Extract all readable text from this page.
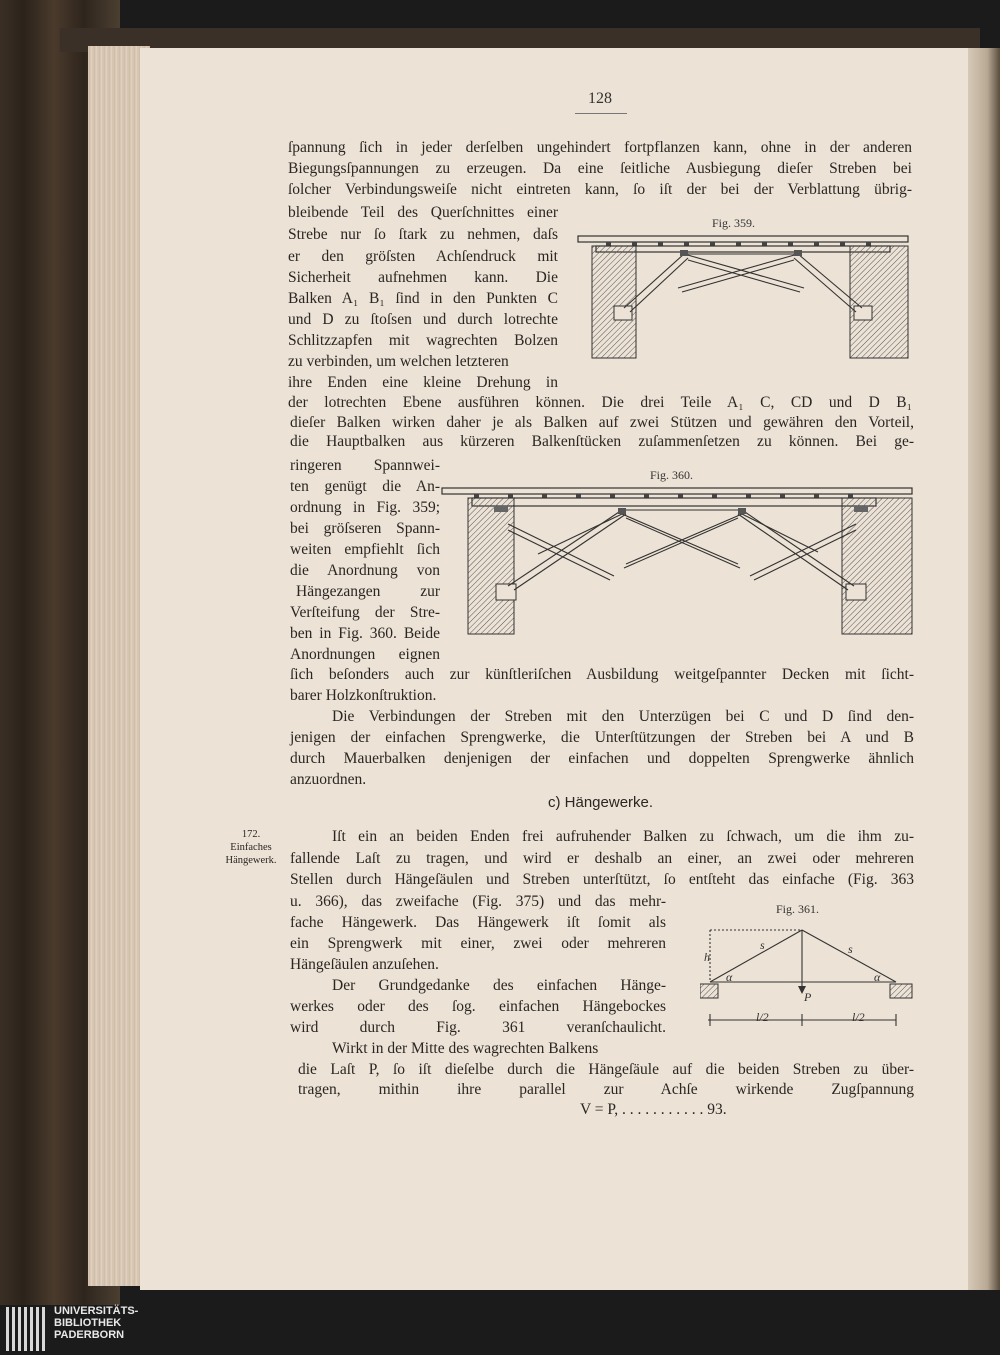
128
ſpannung ſich in jeder derſelben ungehindert fortpflanzen kann, ohne in der anderen
Biegungsſpannungen zu erzeugen. Da eine ſeitliche Ausbiegung dieſer Streben bei
ſolcher Verbindungsweiſe nicht eintreten kann, ſo iſt der bei der Verblattung übrig-
bleibende Teil des Querſchnittes einer
Strebe nur ſo ſtark zu nehmen, daſs
er den gröſsten Achſendruck mit
Sicherheit aufnehmen kann. Die
Balken A₁ B₁ ſind in den Punkten C
und D zu ſtoſsen und durch lotrechte
Schlitzzapfen mit wagrechten Bolzen
zu verbinden, um welchen letzteren
ihre Enden eine kleine Drehung in
der lotrechten Ebene ausführen können. Die drei Teile A₁ C, CD und D B₁
dieſer Balken wirken daher je als Balken auf zwei Stützen und gewähren den Vorteil,
die Hauptbalken aus kürzeren Balkenſtücken zuſammenſetzen zu können. Bei ge-
ringeren Spannwei-
ten genügt die An-
ordnung in Fig. 359;
bei gröſseren Spann-
weiten empfiehlt ſich
die Anordnung von
Hängezangen zur
Verſteifung der Stre-
ben in Fig. 360. Beide
Anordnungen eignen
ſich beſonders auch zur künſtleriſchen Ausbildung weitgeſpannter Decken mit ſicht-
barer Holzkonſtruktion.
Die Verbindungen der Streben mit den Unterzügen bei C und D ſind den-
jenigen der einfachen Sprengwerke, die Unterſtützungen der Streben bei A und B
durch Mauerbalken denjenigen der einfachen und doppelten Sprengwerke ähnlich
anzuordnen.
Iſt ein an beiden Enden frei aufruhender Balken zu ſchwach, um die ihm zu-
fallende Laſt zu tragen, und wird er deshalb an einer, an zwei oder mehreren
Stellen durch Hängeſäulen und Streben unterſtützt, ſo entſteht das einfache (Fig. 363
u. 366), das zweifache (Fig. 375) und das mehr-
fache Hängewerk. Das Hängewerk iſt ſomit als
ein Sprengwerk mit einer, zwei oder mehreren
Hängeſäulen anzuſehen.
Der Grundgedanke des einfachen Hänge-
werkes oder des ſog. einfachen Hängebockes
wird durch Fig. 361 veranſchaulicht.
Wirkt in der Mitte des wagrechten Balkens
die Laſt P, ſo iſt dieſelbe durch die Hängeſäule auf die beiden Streben zu über-
tragen, mithin ihre parallel zur Achſe wirkende Zugſpannung
V = P, . . . . . . . . . . . 93.
c) Hängewerke.
172.
Einfaches
Hängewerk.
Fig. 359.
Fig. 360.
Fig. 361.
s	s
h
α	α
P
l/2	l/2
UNIVERSITÄTS-
BIBLIOTHEK
PADERBORN
